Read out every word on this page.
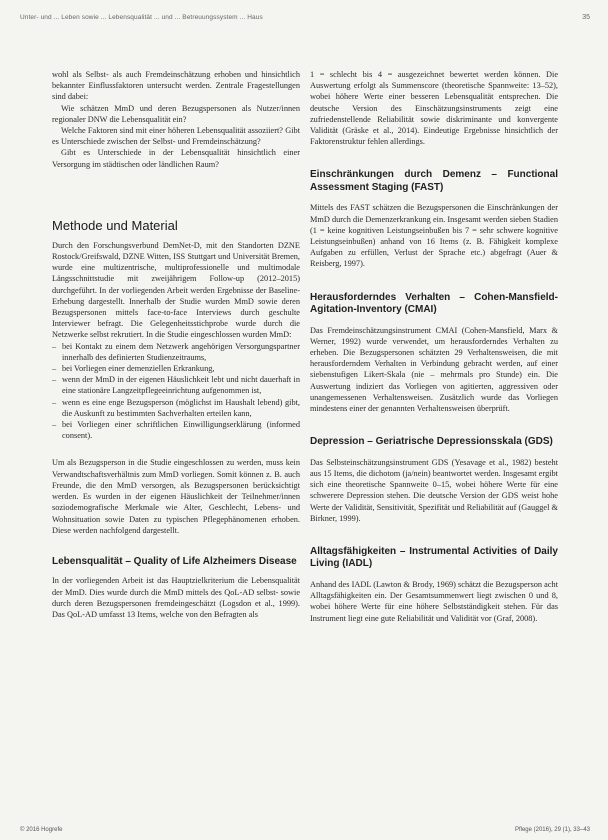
Unter- und ... Leben sowie ... Lebensqualität ... und ... Betreuungssystem ... Haus	35

wohl als Selbst- als auch Fremdeinschätzung erhoben und hinsichtlich bekannter Einflussfaktoren untersucht werden. Zentrale Fragestellungen sind dabei:

Wie schätzen MmD und deren Bezugspersonen als Nutzer/innen regionaler DNW die Lebensqualität ein?

Welche Faktoren sind mit einer höheren Lebensqualität assoziiert? Gibt es Unterschiede zwischen der Selbst- und Fremdeinschätzung?

Gibt es Unterschiede in der Lebensqualität hinsichtlich einer Versorgung im städtischen oder ländlichen Raum?

Methode und Material

Durch den Forschungsverbund DemNet-D, mit den Standorten DZNE Rostock/Greifswald, DZNE Witten, ISS Stuttgart und Universität Bremen, wurde eine multizentrische, multiprofessionelle und multimodale Längsschnittstudie mit zweijährigem Follow-up (2012–2015) durchgeführt. In der vorliegenden Arbeit werden Ergebnisse der Baseline-Erhebung dargestellt. Innerhalb der Studie wurden MmD sowie deren Bezugspersonen mittels face-to-face Interviews durch geschulte Interviewer befragt. Die Gelegenheitsstichprobe wurde durch die Netzwerke selbst rekrutiert. In die Studie eingeschlossen wurden MmD:

– bei Kontakt zu einem dem Netzwerk angehörigen Versorgungspartner innerhalb des definierten Studienzeitraums,
– bei Vorliegen einer demenziellen Erkrankung,
– wenn der MmD in der eigenen Häuslichkeit lebt und nicht dauerhaft in eine stationäre Langzeitpflegeeinrichtung aufgenommen ist,
– wenn es eine enge Bezugsperson (möglichst im Haushalt lebend) gibt, die Auskunft zu bestimmten Sachverhalten erteilen kann,
– bei Vorliegen einer schriftlichen Einwilligungserklärung (informed consent).

Um als Bezugsperson in die Studie eingeschlossen zu werden, muss kein Verwandtschaftsverhältnis zum MmD vorliegen. Somit können z. B. auch Freunde, die den MmD versorgen, als Bezugspersonen berücksichtigt werden. Es wurden in der eigenen Häuslichkeit der Teilnehmer/innen soziodemografische Merkmale wie Alter, Geschlecht, Lebens- und Wohnsituation sowie Daten zu typischen Pflegephänomenen erhoben. Diese werden nachfolgend dargestellt.

Lebensqualität – Quality of Life Alzheimers Disease

In der vorliegenden Arbeit ist das Hauptzielkriterium die Lebensqualität der MmD. Dies wurde durch die MmD mittels des QoL-AD selbst- sowie durch deren Bezugspersonen fremdeingeschätzt (Logsdon et al., 1999). Das QoL-AD umfasst 13 Items, welche von den Befragten als

1 = schlecht bis 4 = ausgezeichnet bewertet werden können. Die Auswertung erfolgt als Summenscore (theoretische Spannweite: 13–52), wobei höhere Werte einer besseren Lebensqualität entsprechen. Die deutsche Version des Einschätzungsinstruments zeigt eine zufriedenstellende Reliabilität sowie diskriminante und konvergente Validität (Gräske et al., 2014). Eindeutige Ergebnisse hinsichtlich der Faktorenstruktur fehlen allerdings.

Einschränkungen durch Demenz – Functional Assessment Staging (FAST)

Mittels des FAST schätzen die Bezugspersonen die Einschränkungen der MmD durch die Demenzerkrankung ein. Insgesamt werden sieben Stadien (1 = keine kognitiven Leistungseinbußen bis 7 = sehr schwere kognitive Leistungseinbußen) anhand von 16 Items (z. B. Fähigkeit komplexe Aufgaben zu erfüllen, Verlust der Sprache etc.) abgefragt (Auer & Reisberg, 1997).

Herausforderndes Verhalten – Cohen-Mansfield-Agitation-Inventory (CMAI)

Das Fremdeinschätzungsinstrument CMAI (Cohen-Mansfield, Marx & Werner, 1992) wurde verwendet, um herausforderndes Verhalten zu erheben. Die Bezugspersonen schätzten 29 Verhaltensweisen, die mit herausforderndem Verhalten in Verbindung gebracht werden, auf einer siebenstufigen Likert-Skala (nie – mehrmals pro Stunde) ein. Die Auswertung indiziert das Vorliegen von agitierten, aggressiven oder unangemessenen Verhaltensweisen. Zusätzlich wurde das Vorliegen mindestens einer der genannten Verhaltensweisen überprüft.

Depression – Geriatrische Depressionsskala (GDS)

Das Selbsteinschätzungsinstrument GDS (Yesavage et al., 1982) besteht aus 15 Items, die dichotom (ja/nein) beantwortet werden. Insgesamt ergibt sich eine theoretische Spannweite 0–15, wobei höhere Werte für eine schwerere Depression stehen. Die deutsche Version der GDS weist hohe Werte der Validität, Sensitivität, Spezifität und Reliabilität auf (Gauggel & Birkner, 1999).

Alltagsfähigkeiten – Instrumental Activities of Daily Living (IADL)

Anhand des IADL (Lawton & Brody, 1969) schätzt die Bezugsperson acht Alltagsfähigkeiten ein. Der Gesamtsummenwert liegt zwischen 0 und 8, wobei höhere Werte für eine höhere Selbstständigkeit stehen. Für das Instrument liegt eine gute Reliabilität und Validität vor (Graf, 2008).

© 2016 Hogrefe	Pflege (2016), 29 (1), 33–43
